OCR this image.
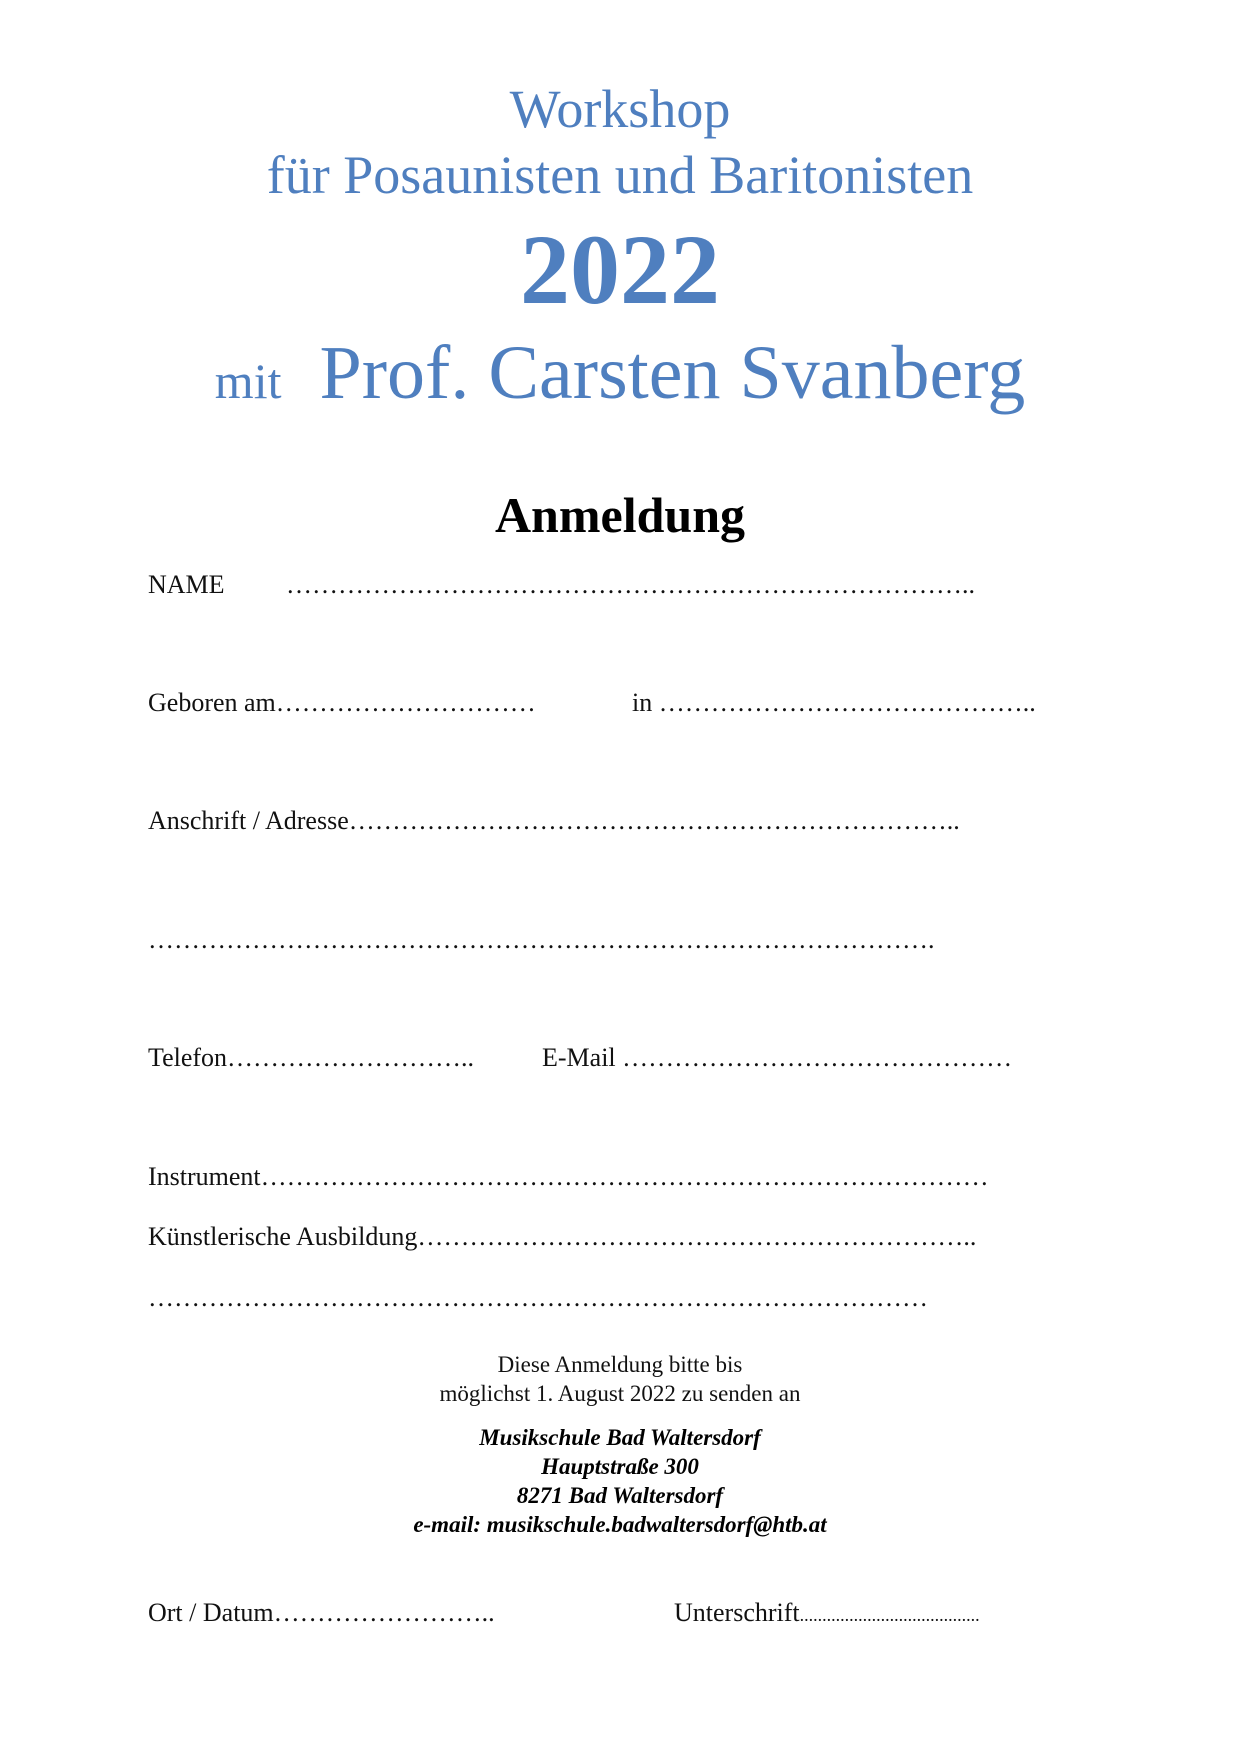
Workshop
für Posaunisten und Baritonisten
2022
mit Prof. Carsten Svanberg
Anmeldung
NAME ……………………………………………………………………..
Geboren am…………………………	in ……………………………………..
Anschrift / Adresse……………………………………………………………..
……………………………………………………………………………….
Telefon………………………..	E-Mail ………………………………………
Instrument…………………………………………………………………………
Künstlerische Ausbildung………………………………………………………..
………………………………………………………………………………
Diese Anmeldung bitte bis
möglichst 1. August 2022 zu senden an
Musikschule Bad Waltersdorf
Hauptstraße 300
8271 Bad Waltersdorf
e-mail: musikschule.badwaltersdorf@htb.at
Ort / Datum……………………..	Unterschrift........................................
